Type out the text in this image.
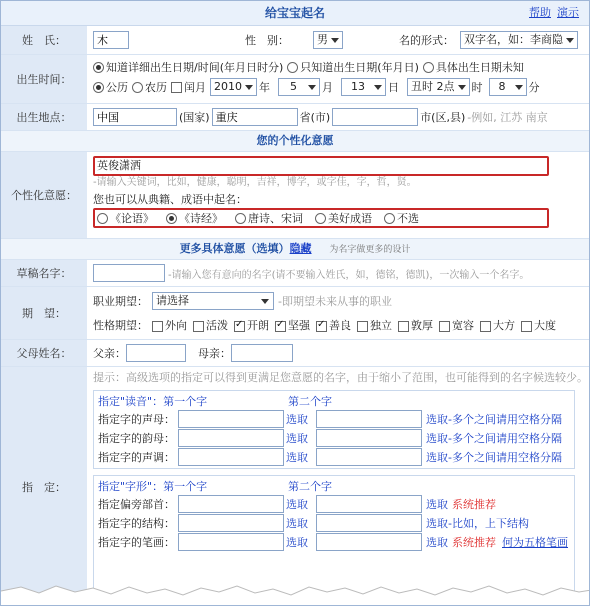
给宝宝起名	帮助 演示
姓　氏：
木	性　别：	男	名的形式： 双字名，如：李商隐
出生时间：
知道详细出生日期/时间(年月日时分) 只知道出生日期(年月日) 具体出生日期未知
公历 农历 闰月 2010	年	5	月	13	日	丑时 2点	时	8	分
出生地点：
中国	(国家)
重庆	省(市)	市(区,县) -例如, 江苏 南京
您的个性化意愿
个性化意愿：
英俊潇洒
-请输入关键词，比如，健康，聪明，吉祥，博学，或字佳，字，哲，贤。
您也可以从典籍、成语中起名：
《论语》 《诗经》 唐诗、宋词 美好成语 不选
更多具体意愿（选填）隐藏 为名字做更多的设计
草稿名字：	-请输入您有意向的名字(请不要输入姓氏，如，德铭，德凯)，一次输入一个名字。
期　望：
职业期望： 请选择	-即期望未来从事的职业
性格期望：	外向 活泼 ✓ 开朗 ✓ 坚强 ✓ 善良 独立 敦厚 宽容 大方 大度
父母姓名：	父亲：	母亲：
指　定：
提示：高级选项的指定可以得到更满足您意愿的名字，由于缩小了范围，也可能得到的名字候选较少。
指定"读音"：第一个字	第二个字
指定字的声母：	选取	选取-多个之间请用空格分隔
指定字的韵母：	选取	选取-多个之间请用空格分隔
指定字的声调：	选取	选取-多个之间请用空格分隔
指定"字形"：第一个字	第二个字
指定偏旁部首：	选取	选取 系统推荐
指定字的结构：	选取	选取-比如，上下结构
指定字的笔画：	选取	选取 系统推荐 何为五格笔画
